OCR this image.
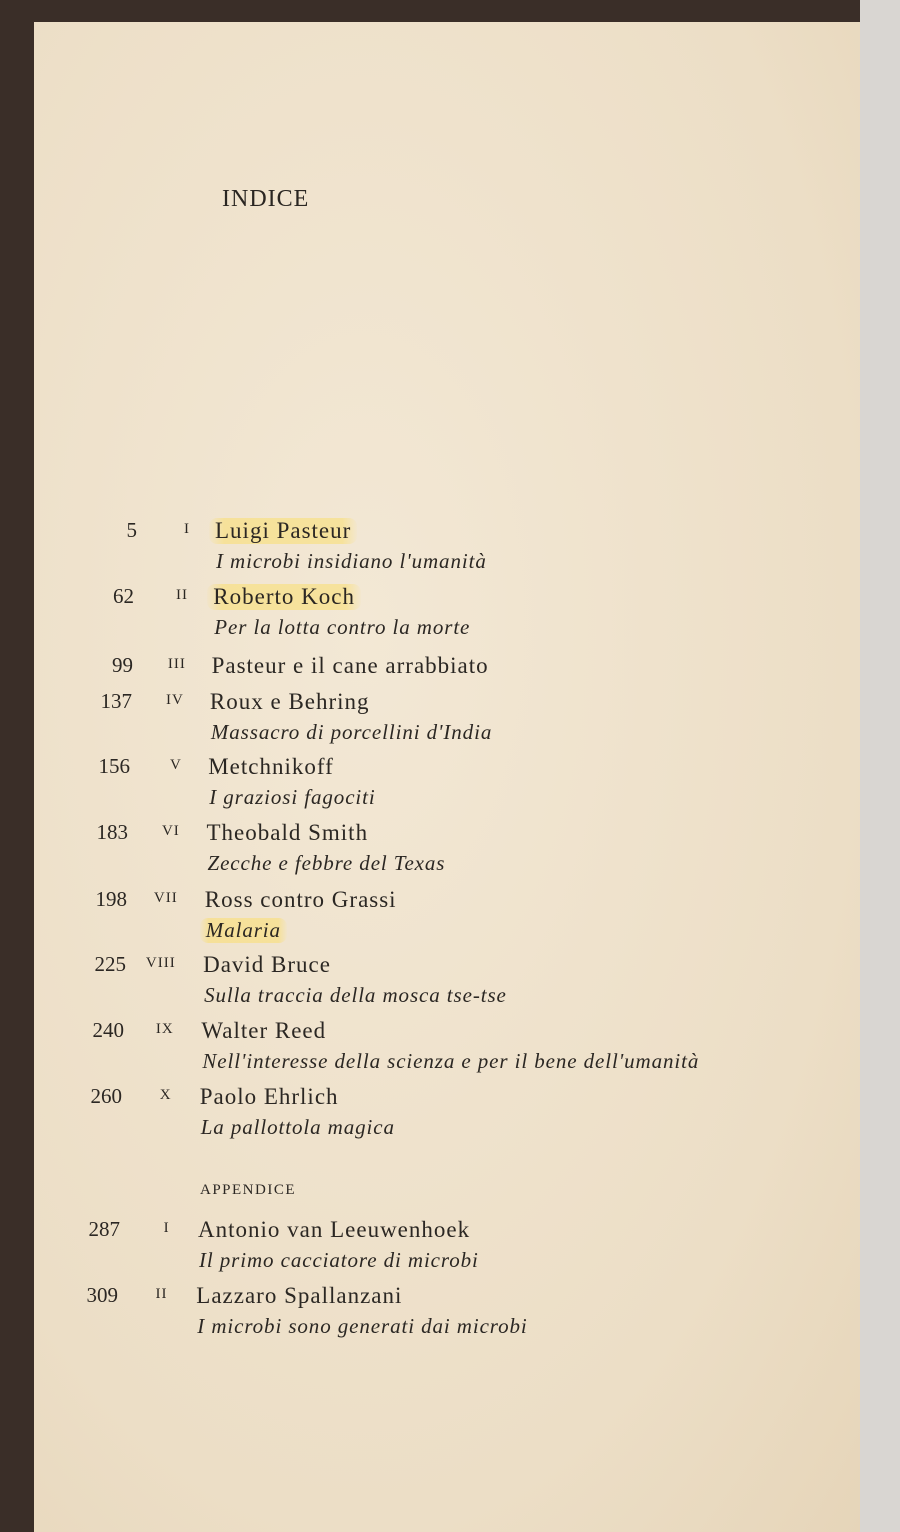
INDICE
APPENDICE
5	I Luigi Pasteur
I microbi insidiano l'umanità
62	II Roberto Koch
Per la lotta contro la morte
99	III Pasteur e il cane arrabbiato
137	IV Roux e Behring
Massacro di porcellini d'India
156	V Metchnikoff
I graziosi fagociti
183	VI Theobald Smith
Zecche e febbre del Texas
198	VII Ross contro Grassi
Malaria
225	VIII David Bruce
Sulla traccia della mosca tse-tse
240	IX Walter Reed
Nell'interesse della scienza e per il bene dell'umanità
260	X Paolo Ehrlich
La pallottola magica
287	I Antonio van Leeuwenhoek
Il primo cacciatore di microbi
309	II Lazzaro Spallanzani
I microbi sono generati dai microbi
